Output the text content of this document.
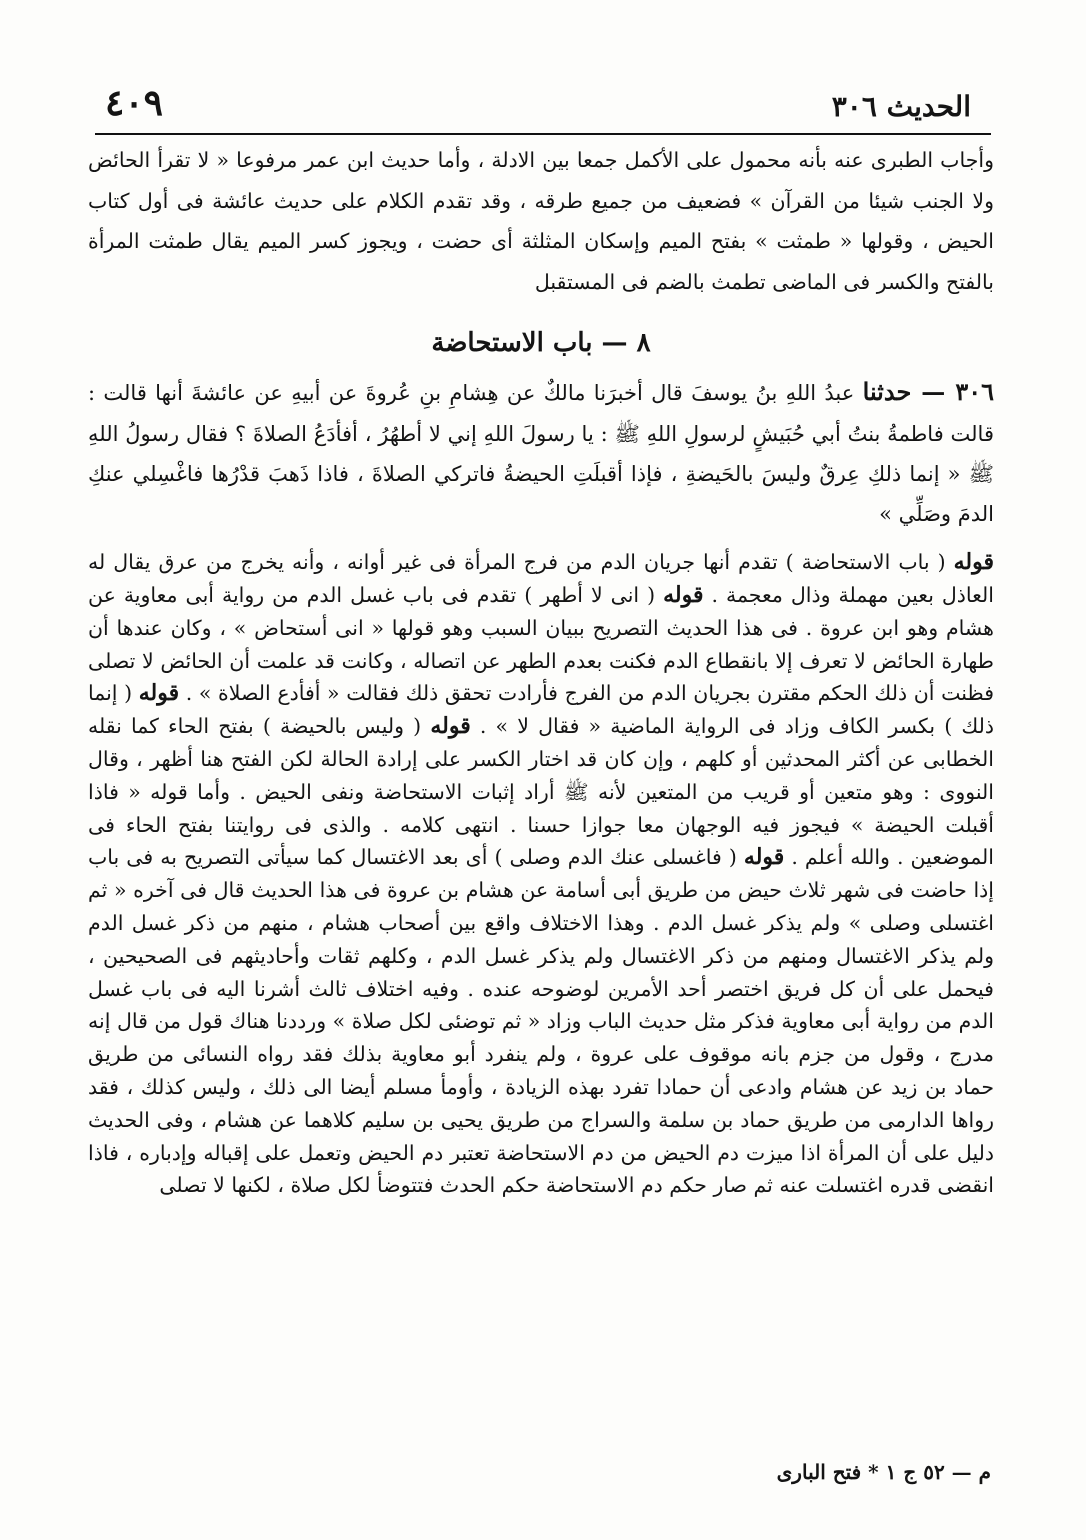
الحديث ٣٠٦
٤٠٩

وأجاب الطبرى عنه بأنه محمول على الأكمل جمعا بين الادلة ، وأما حديث ابن عمر مرفوعا « لا تقرأ الحائض ولا الجنب شيئا من القرآن » فضعيف من جميع طرقه ، وقد تقدم الكلام على حديث عائشة فى أول كتاب الحيض ، وقولها « طمثت » بفتح الميم وإسكان المثلثة أى حضت ، ويجوز كسر الميم يقال طمثت المرأة بالفتح والكسر فى الماضى تطمث بالضم فى المستقبل

٨ — باب الاستحاضة
٣٠٦ — حدثنا عبدُ اللهِ بنُ يوسفَ قال أخبرَنا مالكٌ عن هِشامِ بنِ عُروةَ عن أبيهِ عن عائشةَ أنها قالت : قالت فاطمةُ بنتُ أبي حُبَيشٍ لرسولِ اللهِ ﷺ : يا رسولَ اللهِ إني لا أطهُرُ ، أفأدَعُ الصلاةَ ؟ فقال رسولُ اللهِ ﷺ « إنما ذلكِ عِرقٌ وليسَ بالحَيضةِ ، فإذا أقبلَتِ الحيضةُ فاتركي الصلاةَ ، فاذا ذَهبَ قدْرُها فاغْسِلي عنكِ الدمَ وصَلِّي »
قوله ( باب الاستحاضة ) تقدم أنها جريان الدم من فرج المرأة فى غير أوانه ، وأنه يخرج من عرق يقال له العاذل بعين مهملة وذال معجمة . قوله ( انى لا أطهر ) تقدم فى باب غسل الدم من رواية أبى معاوية عن هشام وهو ابن عروة . فى هذا الحديث التصريح ببيان السبب وهو قولها « انى أستحاض » ، وكان عندها أن طهارة الحائض لا تعرف إلا بانقطاع الدم فكنت بعدم الطهر عن اتصاله ، وكانت قد علمت أن الحائض لا تصلى فظنت أن ذلك الحكم مقترن بجريان الدم من الفرج فأرادت تحقق ذلك فقالت « أفأدع الصلاة » . قوله ( إنما ذلك ) بكسر الكاف وزاد فى الرواية الماضية « فقال لا » . قوله ( وليس بالحيضة ) بفتح الحاء كما نقله الخطابى عن أكثر المحدثين أو كلهم ، وإن كان قد اختار الكسر على إرادة الحالة لكن الفتح هنا أظهر ، وقال النووى : وهو متعين أو قريب من المتعين لأنه ﷺ أراد إثبات الاستحاضة ونفى الحيض . وأما قوله « فاذا أقبلت الحيضة » فيجوز فيه الوجهان معا جوازا حسنا . انتهى كلامه . والذى فى روايتنا بفتح الحاء فى الموضعين . والله أعلم . قوله ( فاغسلى عنك الدم وصلى ) أى بعد الاغتسال كما سيأتى التصريح به فى باب إذا حاضت فى شهر ثلاث حيض من طريق أبى أسامة عن هشام بن عروة فى هذا الحديث قال فى آخره « ثم اغتسلى وصلى » ولم يذكر غسل الدم . وهذا الاختلاف واقع بين أصحاب هشام ، منهم من ذكر غسل الدم ولم يذكر الاغتسال ومنهم من ذكر الاغتسال ولم يذكر غسل الدم ، وكلهم ثقات وأحاديثهم فى الصحيحين ، فيحمل على أن كل فريق اختصر أحد الأمرين لوضوحه عنده . وفيه اختلاف ثالث أشرنا اليه فى باب غسل الدم من رواية أبى معاوية فذكر مثل حديث الباب وزاد « ثم توضئى لكل صلاة » ورددنا هناك قول من قال إنه مدرج ، وقول من جزم بانه موقوف على عروة ، ولم ينفرد أبو معاوية بذلك فقد رواه النسائى من طريق حماد بن زيد عن هشام وادعى أن حمادا تفرد بهذه الزيادة ، وأومأ مسلم أيضا الى ذلك ، وليس كذلك ، فقد رواها الدارمى من طريق حماد بن سلمة والسراج من طريق يحيى بن سليم كلاهما عن هشام ، وفى الحديث دليل على أن المرأة اذا ميزت دم الحيض من دم الاستحاضة تعتبر دم الحيض وتعمل على إقباله وإدباره ، فاذا انقضى قدره اغتسلت عنه ثم صار حكم دم الاستحاضة حكم الحدث فتتوضأ لكل صلاة ، لكنها لا تصلى
م — ٥٢ ج ١ * فتح البارى
